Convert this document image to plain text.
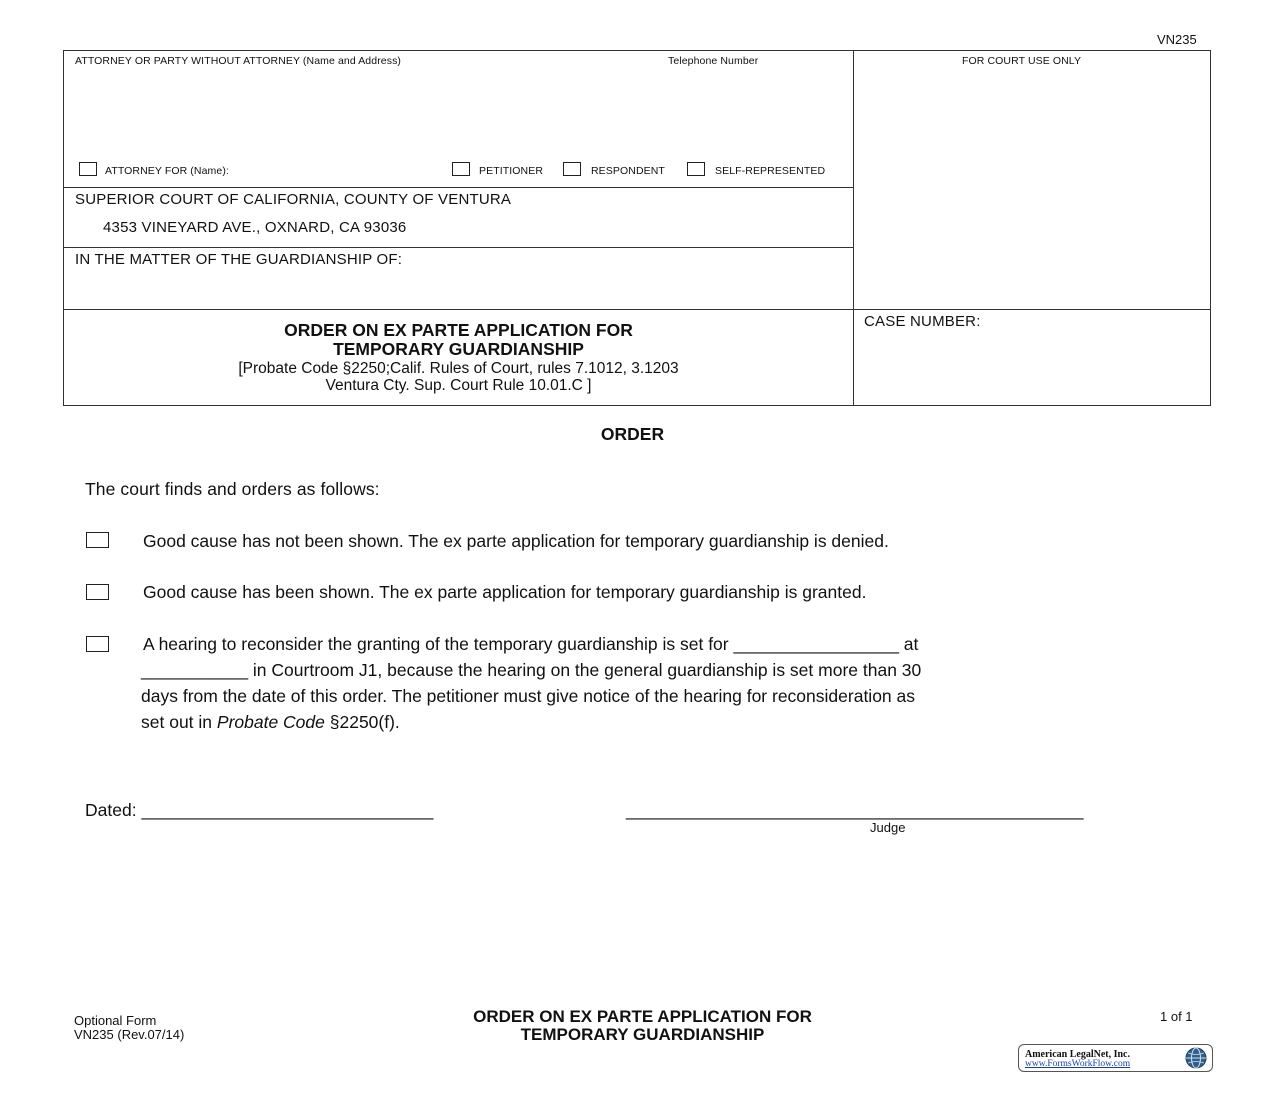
VN235
ATTORNEY OR PARTY WITHOUT ATTORNEY (Name and Address)	Telephone Number	FOR COURT USE ONLY
ATTORNEY FOR (Name):	PETITIONER	RESPONDENT	SELF-REPRESENTED
SUPERIOR COURT OF CALIFORNIA, COUNTY OF VENTURA
4353 VINEYARD AVE., OXNARD, CA 93036
IN THE MATTER OF THE GUARDIANSHIP OF:
ORDER ON EX PARTE APPLICATION FOR
TEMPORARY GUARDIANSHIP
[Probate Code §2250;Calif. Rules of Court, rules 7.1012, 3.1203
Ventura Cty. Sup. Court Rule 10.01.C ]
CASE NUMBER:
ORDER
The court finds and orders as follows:
Good cause has not been shown. The ex parte application for temporary guardianship is denied.
Good cause has been shown. The ex parte application for temporary guardianship is granted.
A hearing to reconsider the granting of the temporary guardianship is set for _________________ at
___________ in Courtroom J1, because the hearing on the general guardianship is set more than 30
days from the date of this order. The petitioner must give notice of the hearing for reconsideration as
set out in Probate Code §2250(f).
Dated: ______________________________	_______________________________________________
Judge
Optional Form
VN235 (Rev.07/14)
ORDER ON EX PARTE APPLICATION FOR
TEMPORARY GUARDIANSHIP
1 of 1
American LegalNet, Inc.
www.FormsWorkFlow.com
